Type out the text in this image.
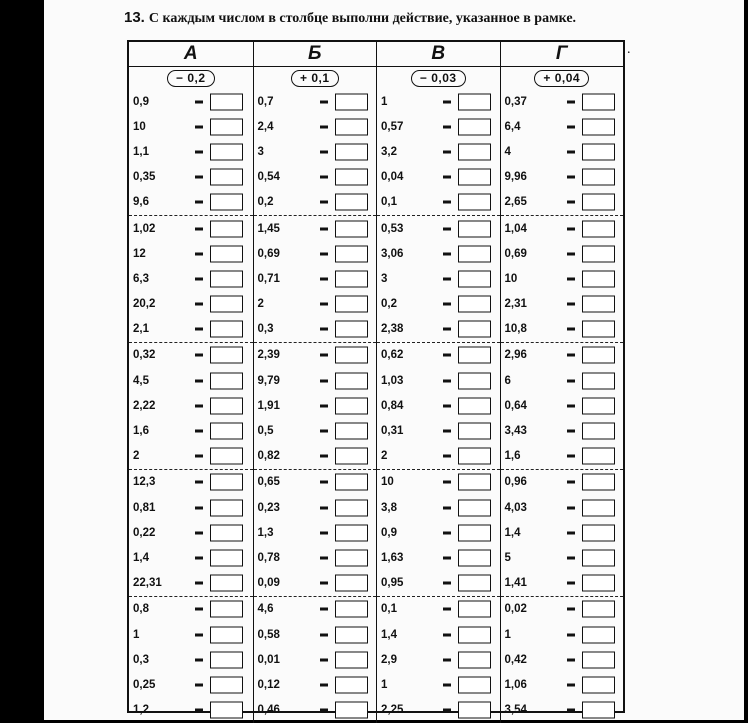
13. С каждым числом в столбце выполни действие, указанное в рамке.
.
А
− 0,2
0,9
10
1,1
0,35
9,6
1,02
12
6,3
20,2
2,1
0,32
4,5
2,22
1,6
2
12,3
0,81
0,22
1,4
22,31
0,8
1
0,3
0,25
1,2
Б
+ 0,1
0,7
2,4
3
0,54
0,2
1,45
0,69
0,71
2
0,3
2,39
9,79
1,91
0,5
0,82
0,65
0,23
1,3
0,78
0,09
4,6
0,58
0,01
0,12
0,46
В
− 0,03
1
0,57
3,2
0,04
0,1
0,53
3,06
3
0,2
2,38
0,62
1,03
0,84
0,31
2
10
3,8
0,9
1,63
0,95
0,1
1,4
2,9
1
2,25
Г
+ 0,04
0,37
6,4
4
9,96
2,65
1,04
0,69
10
2,31
10,8
2,96
6
0,64
3,43
1,6
0,96
4,03
1,4
5
1,41
0,02
1
0,42
1,06
3,54
